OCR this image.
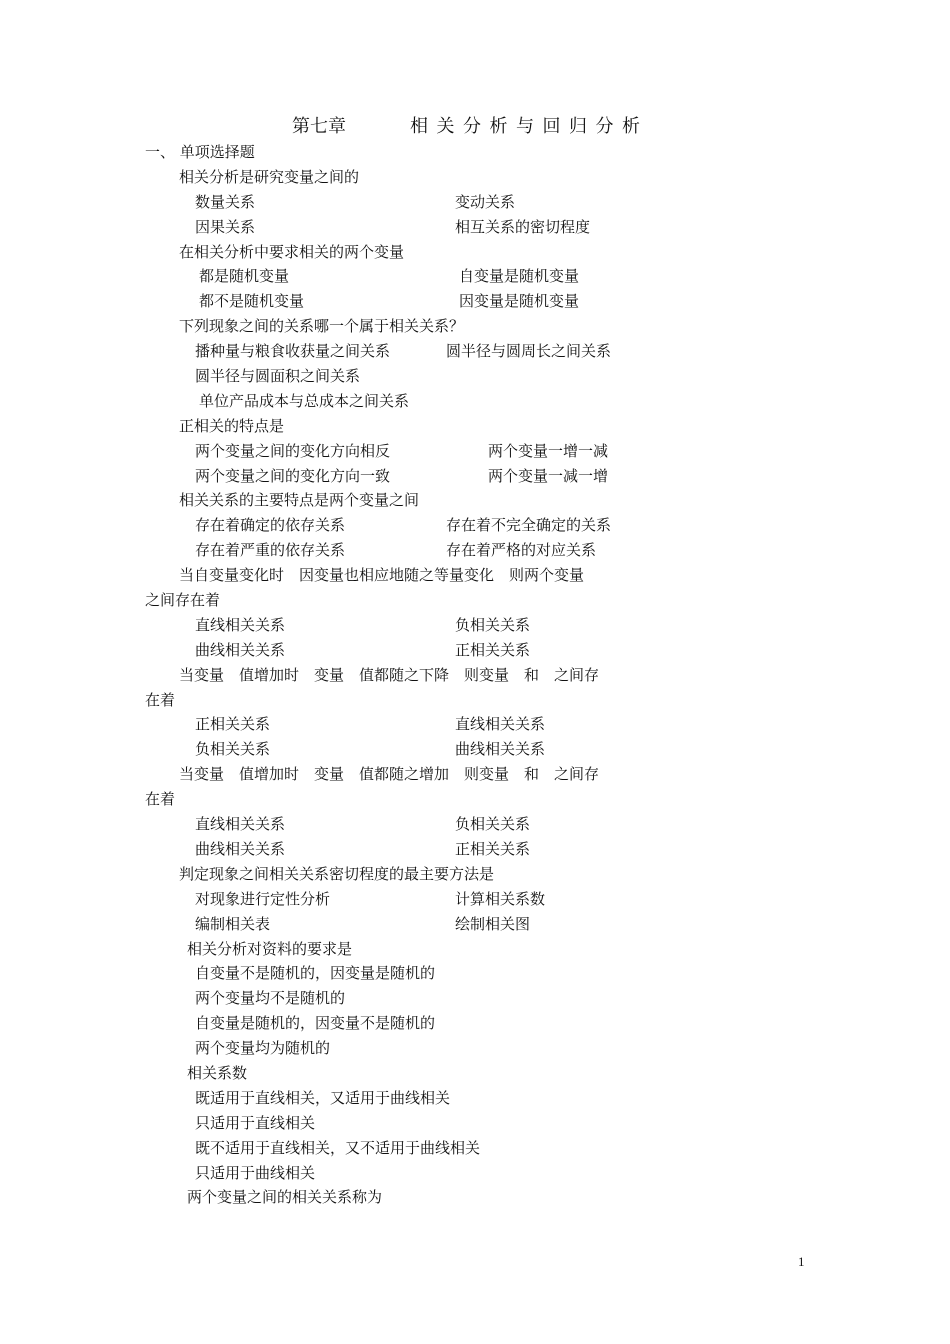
第七章	相关分析与回归分析
一、 单项选择题
相关分析是研究变量之间的
数量关系	变动关系
因果关系	相互关系的密切程度
在相关分析中要求相关的两个变量
都是随机变量	自变量是随机变量
都不是随机变量	因变量是随机变量
下列现象之间的关系哪一个属于相关关系？
播种量与粮食收获量之间关系	圆半径与圆周长之间关系
圆半径与圆面积之间关系
单位产品成本与总成本之间关系
正相关的特点是
两个变量之间的变化方向相反	两个变量一增一减
两个变量之间的变化方向一致	两个变量一减一增
相关关系的主要特点是两个变量之间
存在着确定的依存关系	存在着不完全确定的关系
存在着严重的依存关系	存在着严格的对应关系
当自变量变化时　因变量也相应地随之等量变化　则两个变量
之间存在着
直线相关关系	负相关关系
曲线相关关系	正相关关系
当变量　值增加时　变量　值都随之下降　则变量　和　之间存
在着
正相关关系	直线相关关系
负相关关系	曲线相关关系
当变量　值增加时　变量　值都随之增加　则变量　和　之间存
在着
直线相关关系	负相关关系
曲线相关关系	正相关关系
判定现象之间相关关系密切程度的最主要方法是
对现象进行定性分析	计算相关系数
编制相关表	绘制相关图
相关分析对资料的要求是
自变量不是随机的，因变量是随机的
两个变量均不是随机的
自变量是随机的，因变量不是随机的
两个变量均为随机的
相关系数
既适用于直线相关，又适用于曲线相关
只适用于直线相关
既不适用于直线相关，又不适用于曲线相关
只适用于曲线相关
两个变量之间的相关关系称为
1
